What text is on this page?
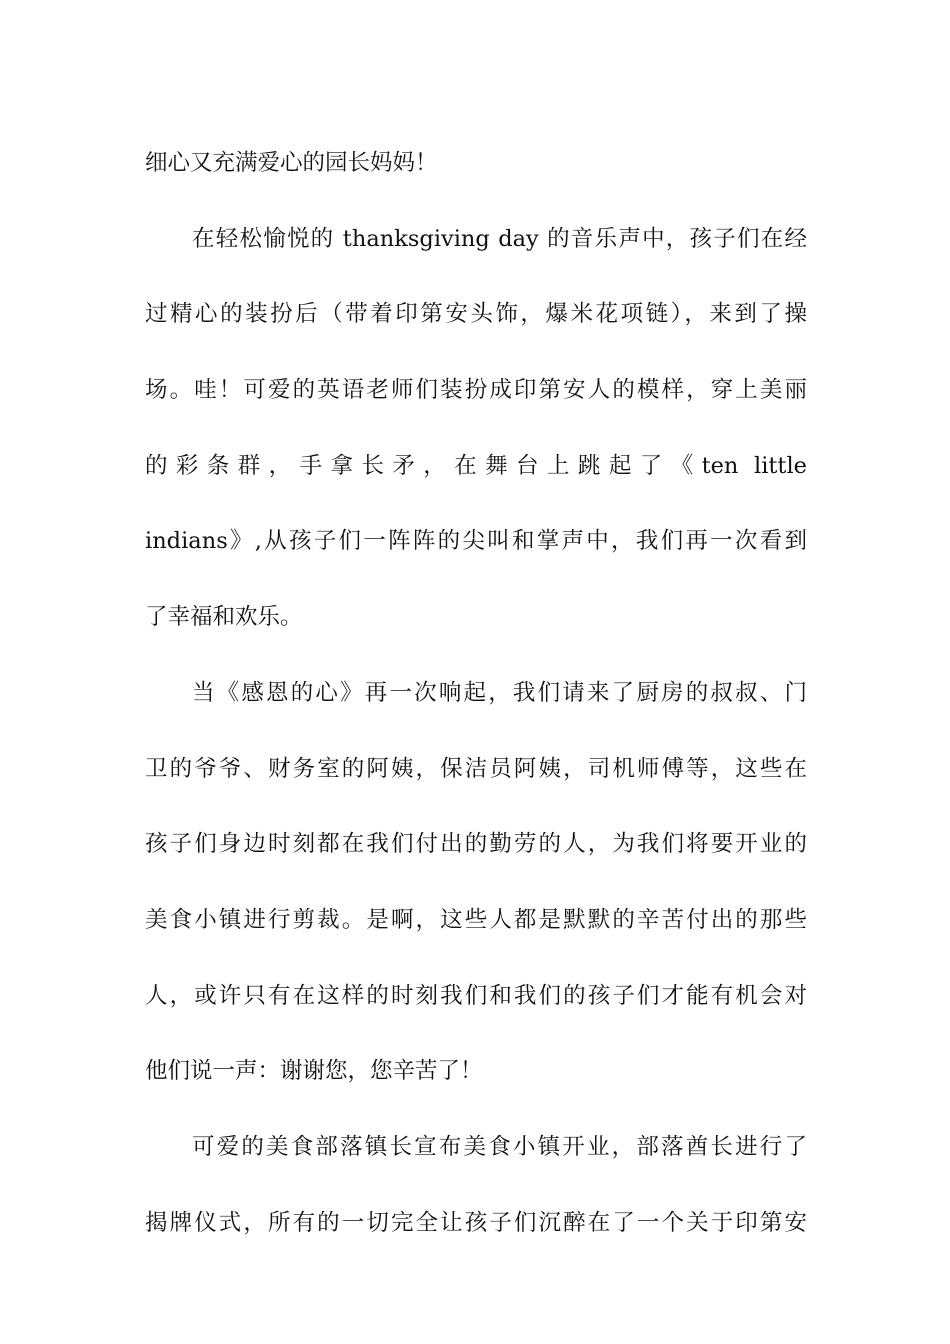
细心又充满爱心的园长妈妈！
在轻松愉悦的 thanksgiving day 的音乐声中，孩子们在经
过精心的装扮后（带着印第安头饰，爆米花项链），来到了操
场。哇！可爱的英语老师们装扮成印第安人的模样，穿上美丽
的彩条群，手拿长矛，在舞台上跳起了《ten little
indians》,从孩子们一阵阵的尖叫和掌声中，我们再一次看到
了幸福和欢乐。
当《感恩的心》再一次响起，我们请来了厨房的叔叔、门
卫的爷爷、财务室的阿姨，保洁员阿姨，司机师傅等，这些在
孩子们身边时刻都在我们付出的勤劳的人，为我们将要开业的
美食小镇进行剪裁。是啊，这些人都是默默的辛苦付出的那些
人，或许只有在这样的时刻我们和我们的孩子们才能有机会对
他们说一声：谢谢您，您辛苦了！
可爱的美食部落镇长宣布美食小镇开业，部落酋长进行了
揭牌仪式，所有的一切完全让孩子们沉醉在了一个关于印第安
